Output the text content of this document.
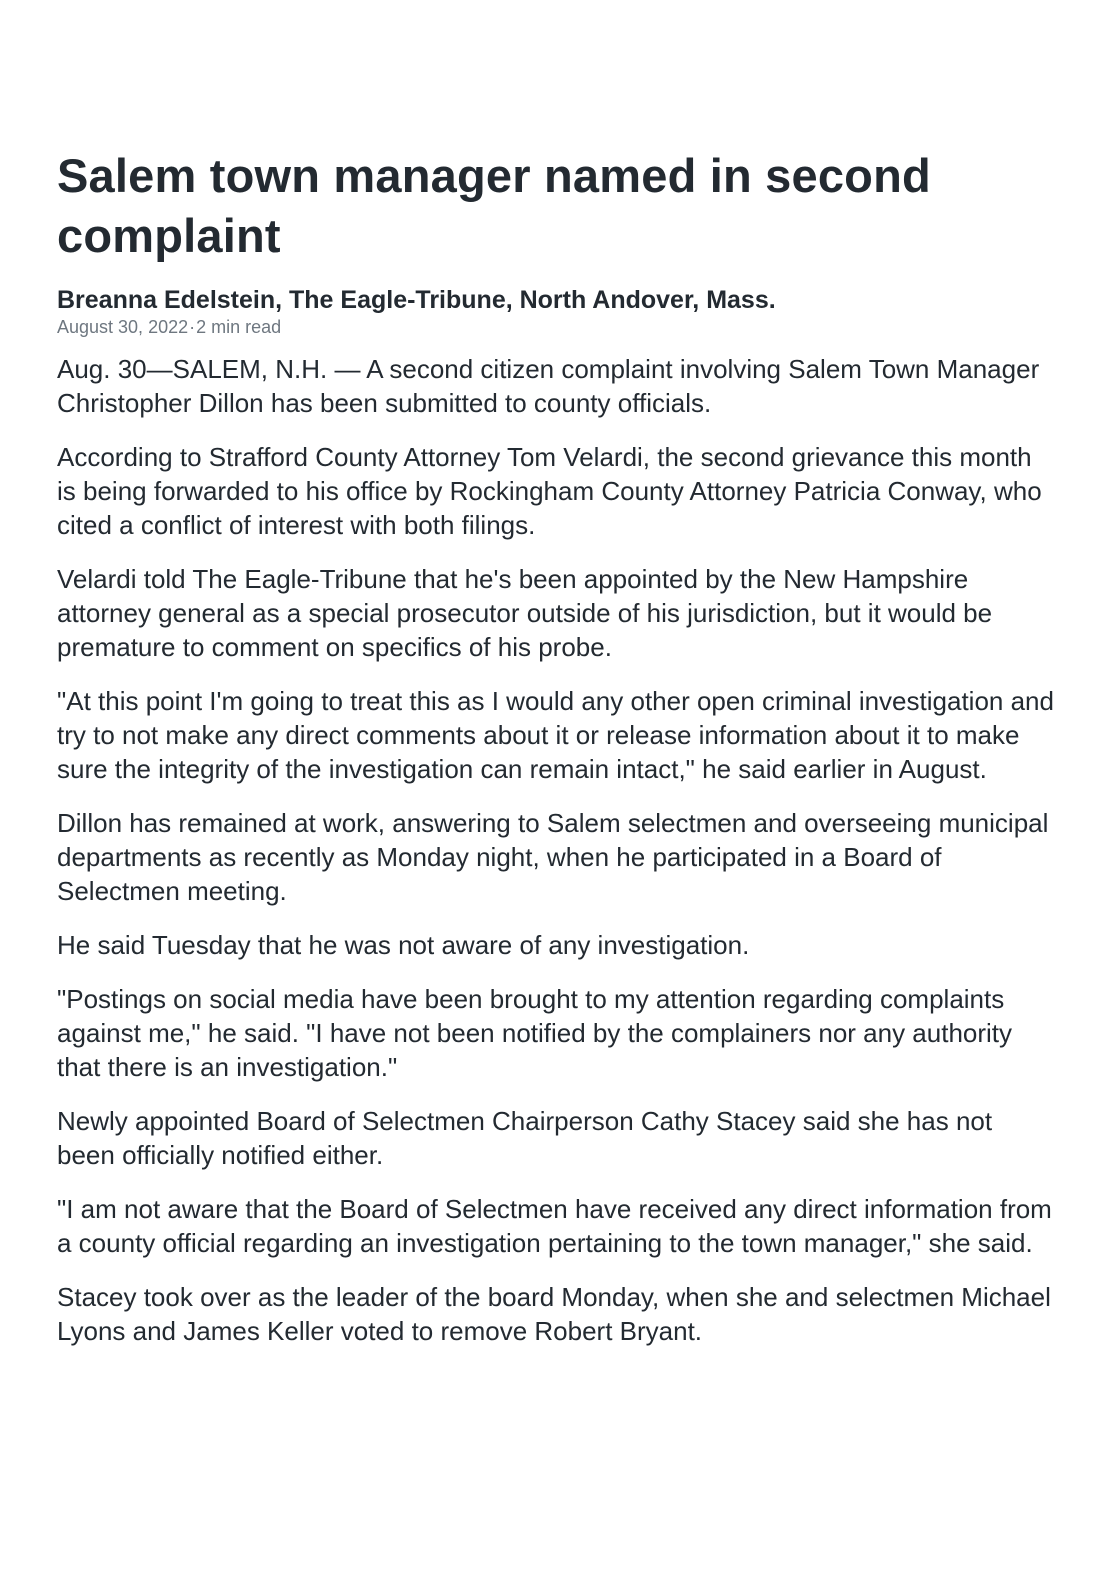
Salem town manager named in second complaint
Breanna Edelstein, The Eagle-Tribune, North Andover, Mass.
August 30, 2022·2 min read

Aug. 30—SALEM, N.H. — A second citizen complaint involving Salem Town Manager Christopher Dillon has been submitted to county officials.

According to Strafford County Attorney Tom Velardi, the second grievance this month is being forwarded to his office by Rockingham County Attorney Patricia Conway, who cited a conflict of interest with both filings.

Velardi told The Eagle-Tribune that he's been appointed by the New Hampshire attorney general as a special prosecutor outside of his jurisdiction, but it would be premature to comment on specifics of his probe.

"At this point I'm going to treat this as I would any other open criminal investigation and try to not make any direct comments about it or release information about it to make sure the integrity of the investigation can remain intact," he said earlier in August.

Dillon has remained at work, answering to Salem selectmen and overseeing municipal departments as recently as Monday night, when he participated in a Board of Selectmen meeting.

He said Tuesday that he was not aware of any investigation.

"Postings on social media have been brought to my attention regarding complaints against me," he said. "I have not been notified by the complainers nor any authority that there is an investigation."

Newly appointed Board of Selectmen Chairperson Cathy Stacey said she has not been officially notified either.

"I am not aware that the Board of Selectmen have received any direct information from a county official regarding an investigation pertaining to the town manager," she said.

Stacey took over as the leader of the board Monday, when she and selectmen Michael Lyons and James Keller voted to remove Robert Bryant.
